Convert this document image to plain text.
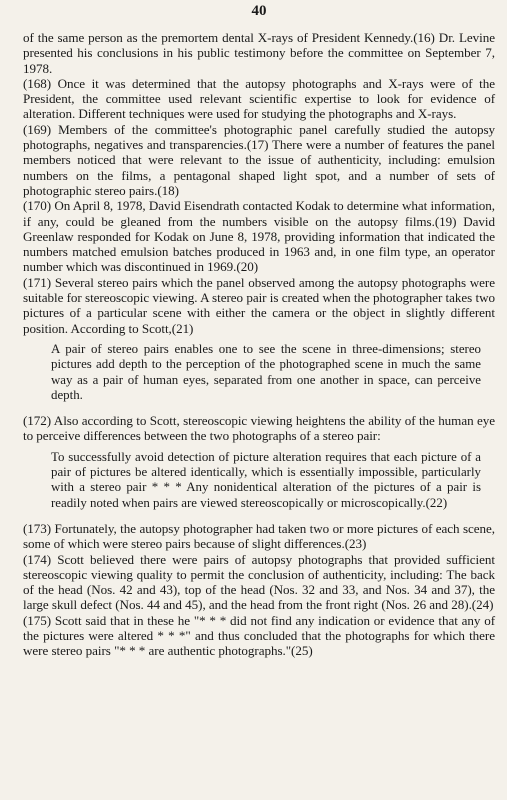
40

of the same person as the premortem dental X-rays of President Kennedy.(16) Dr. Levine presented his conclusions in his public testimony before the committee on September 7, 1978.

(168) Once it was determined that the autopsy photographs and X-rays were of the President, the committee used relevant scientific expertise to look for evidence of alteration. Different techniques were used for studying the photographs and X-rays.

(169) Members of the committee's photographic panel carefully studied the autopsy photographs, negatives and transparencies.(17) There were a number of features the panel members noticed that were relevant to the issue of authenticity, including: emulsion numbers on the films, a pentagonal shaped light spot, and a number of sets of photographic stereo pairs.(18)

(170) On April 8, 1978, David Eisendrath contacted Kodak to determine what information, if any, could be gleaned from the numbers visible on the autopsy films.(19) David Greenlaw responded for Kodak on June 8, 1978, providing information that indicated the numbers matched emulsion batches produced in 1963 and, in one film type, an operator number which was discontinued in 1969.(20)

(171) Several stereo pairs which the panel observed among the autopsy photographs were suitable for stereoscopic viewing. A stereo pair is created when the photographer takes two pictures of a particular scene with either the camera or the object in slightly different position. According to Scott,(21)

A pair of stereo pairs enables one to see the scene in three-dimensions; stereo pictures add depth to the perception of the photographed scene in much the same way as a pair of human eyes, separated from one another in space, can perceive depth.

(172) Also according to Scott, stereoscopic viewing heightens the ability of the human eye to perceive differences between the two photographs of a stereo pair:

To successfully avoid detection of picture alteration requires that each picture of a pair of pictures be altered identically, which is essentially impossible, particularly with a stereo pair * * * Any nonidentical alteration of the pictures of a pair is readily noted when pairs are viewed stereoscopically or microscopically.(22)

(173) Fortunately, the autopsy photographer had taken two or more pictures of each scene, some of which were stereo pairs because of slight differences.(23)

(174) Scott believed there were pairs of autopsy photographs that provided sufficient stereoscopic viewing quality to permit the conclusion of authenticity, including: The back of the head (Nos. 42 and 43), top of the head (Nos. 32 and 33, and Nos. 34 and 37), the large skull defect (Nos. 44 and 45), and the head from the front right (Nos. 26 and 28).(24)

(175) Scott said that in these he "* * * did not find any indication or evidence that any of the pictures were altered * * *" and thus concluded that the photographs for which there were stereo pairs "* * * are authentic photographs."(25)
